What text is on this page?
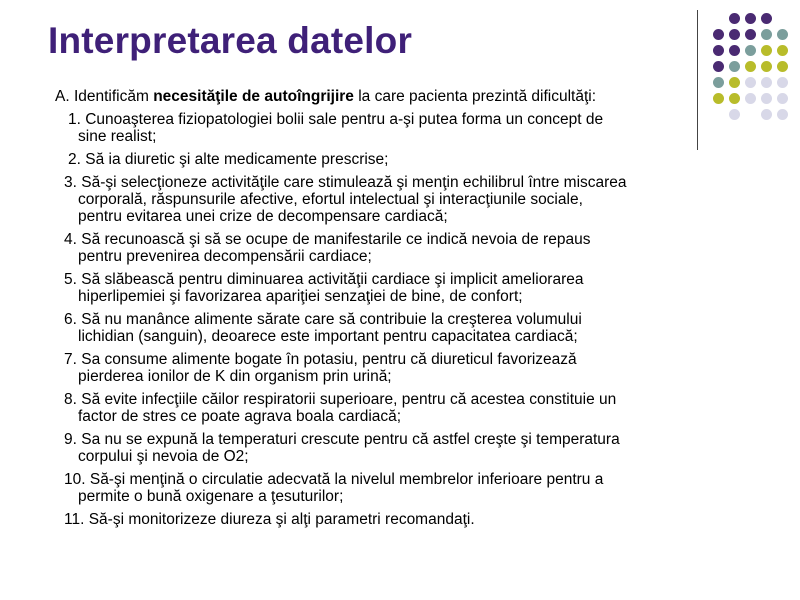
Interpretarea datelor
A. Identificăm necesităţile de autoîngrijire la care pacienta prezintă dificultăţi:
1. Cunoaşterea fiziopatologiei bolii sale pentru a-şi putea forma un concept de
sine realist;
2. Să ia diuretic şi alte medicamente prescrise;
3. Să-şi selecţioneze activităţile care stimulează şi menţin echilibrul între miscarea
corporală, răspunsurile afective, efortul intelectual şi interacţiunile sociale,
pentru evitarea unei crize de decompensare cardiacă;
4. Să recunoască şi să se ocupe de manifestarile ce indică nevoia de repaus
pentru prevenirea decompensării cardiace;
5. Să slăbească pentru diminuarea activităţii cardiace şi implicit ameliorarea
hiperlipemiei şi favorizarea apariţiei senzaţiei de bine, de confort;
6. Să nu manânce alimente sărate care să contribuie la creşterea volumului
lichidian (sanguin), deoarece este important pentru capacitatea cardiacă;
7. Sa consume alimente bogate în potasiu, pentru că diureticul favorizează
pierderea ionilor de K din organism prin urină;
8. Să evite infecţiile căilor respiratorii superioare, pentru că acestea constituie un
factor de stres ce poate agrava boala cardiacă;
9. Sa nu se expună la temperaturi crescute pentru că astfel creşte şi temperatura
corpului şi nevoia de O2;
10. Să-şi menţină o circulatie adecvată la nivelul membrelor inferioare pentru a
permite o bună oxigenare a ţesuturilor;
11. Să-şi monitorizeze diureza şi alţi parametri recomandaţi.
